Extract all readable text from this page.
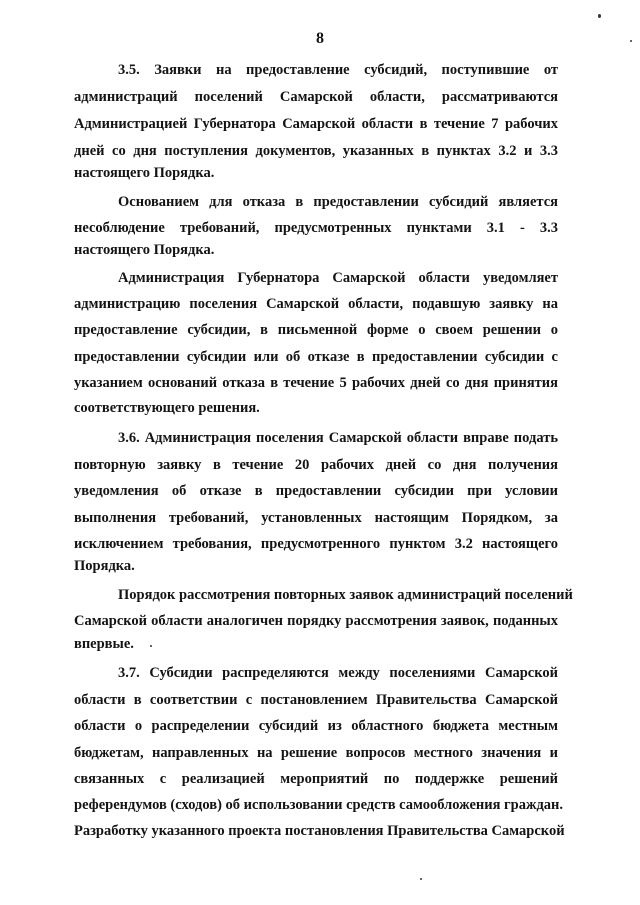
8
3.5. Заявки на предоставление субсидий, поступившие от
администраций поселений Самарской области, рассматриваются
Администрацией Губернатора Самарской области в течение 7 рабочих
дней со дня поступления документов, указанных в пунктах 3.2 и 3.3
настоящего Порядка.
Основанием для отказа в предоставлении субсидий является
несоблюдение требований, предусмотренных пунктами 3.1 - 3.3
настоящего Порядка.
Администрация Губернатора Самарской области уведомляет
администрацию поселения Самарской области, подавшую заявку на
предоставление субсидии, в письменной форме о своем решении о
предоставлении субсидии или об отказе в предоставлении субсидии с
указанием оснований отказа в течение 5 рабочих дней со дня принятия
соответствующего решения.
3.6. Администрация поселения Самарской области вправе подать
повторную заявку в течение 20 рабочих дней со дня получения
уведомления об отказе в предоставлении субсидии при условии
выполнения требований, установленных настоящим Порядком, за
исключением требования, предусмотренного пунктом 3.2 настоящего
Порядка.
Порядок рассмотрения повторных заявок администраций поселений
Самарской области аналогичен порядку рассмотрения заявок, поданных
впервые.
3.7. Субсидии распределяются между поселениями Самарской
области в соответствии с постановлением Правительства Самарской
области о распределении субсидий из областного бюджета местным
бюджетам, направленных на решение вопросов местного значения и
связанных с реализацией мероприятий по поддержке решений
референдумов (сходов) об использовании средств самообложения граждан.
Разработку указанного проекта постановления Правительства Самарской
